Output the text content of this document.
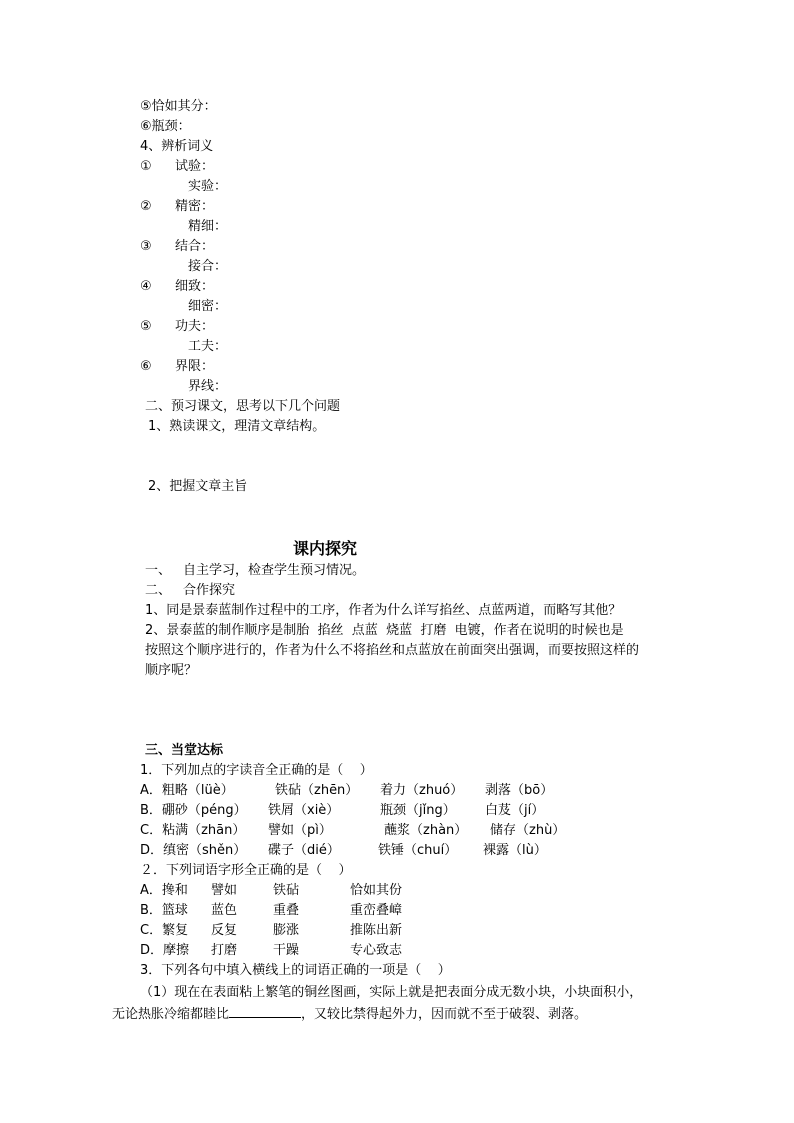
⑤恰如其分：
⑥瓶颈：
4、辨析词义
① 试验：
实验：
② 精密：
精细：
③ 结合：
接合：
④ 细致：
细密：
⑤ 功夫：
工夫：
⑥ 界限：
界线：
二、预习课文，思考以下几个问题
1、熟读课文，理清文章结构。
2、把握文章主旨
课内探究
一、 自主学习，检查学生预习情况。
二、 合作探究
1、同是景泰蓝制作过程中的工序，作者为什么详写掐丝、点蓝两道，而略写其他？
2、景泰蓝的制作顺序是制胎  掐丝  点蓝  烧蓝  打磨  电镀，作者在说明的时候也是
按照这个顺序进行的，作者为什么不将掐丝和点蓝放在前面突出强调，而要按照这样的
顺序呢？
三、当堂达标
1．下列加点的字读音全正确的是（    ）
A．粗略（lüè）	铁砧（zhēn） 着力（zhuó） 剥落（bō）
B．硼砂（péng） 铁屑（xiè）	瓶颈（jǐng） 白芨（jí）
C．粘满（zhān） 譬如（pì）	蘸浆（zhàn） 储存（zhù）
D．缜密（shěn） 碟子（dié）	铁锤（chuí） 裸露（lù）
２．下列词语字形全正确的是（    ）
A．搀和 譬如	铁砧	恰如其份
B．篮球 蓝色	重叠	重峦叠嶂
C．繁复 反复	膨涨	推陈出新
D．摩擦 打磨	干躁	专心致志
3．下列各句中填入横线上的词语正确的一项是（    ）
（1）现在在表面粘上繁笔的铜丝图画，实际上就是把表面分成无数小块，小块面积小，
无论热胀冷缩都睦比	，又较比禁得起外力，因而就不至于破裂、剥落。
